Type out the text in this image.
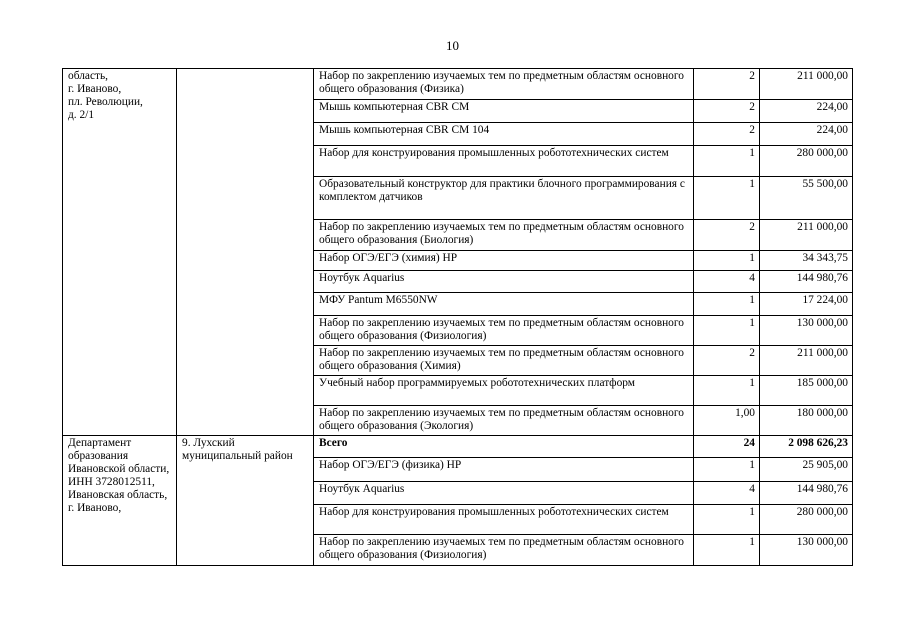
10
область,
г. Иваново,
пл. Революции,
д. 2/1		Набор по закреплению изучаемых тем по предметным областям основного общего образования (Физика)	2	211 000,00
		Мышь компьютерная CBR CM	2	224,00
		Мышь компьютерная CBR CM 104	2	224,00
		Набор для конструирования промышленных робототехнических систем	1	280 000,00
		Образовательный конструктор для практики блочного программирования с комплектом датчиков	1	55 500,00
		Набор по закреплению изучаемых тем по предметным областям основного общего образования (Биология)	2	211 000,00
		Набор ОГЭ/ЕГЭ (химия) НР	1	34 343,75
		Ноутбук Aquarius	4	144 980,76
		МФУ Pantum M6550NW	1	17 224,00
		Набор по закреплению изучаемых тем по предметным областям основного общего образования (Физиология)	1	130 000,00
		Набор по закреплению изучаемых тем по предметным областям основного общего образования (Химия)	2	211 000,00
		Учебный набор программируемых робототехнических платформ	1	185 000,00
		Набор по закреплению изучаемых тем по предметным областям основного общего образования (Экология)	1,00	180 000,00
Департамент образования Ивановской области,
ИНН 3728012511,
Ивановская область,
г. Иваново,	9. Лухский муниципальный район	Всего	24	2 098 626,23
		Набор ОГЭ/ЕГЭ (физика) НР	1	25 905,00
		Ноутбук Aquarius	4	144 980,76
		Набор для конструирования промышленных робототехнических систем	1	280 000,00
		Набор по закреплению изучаемых тем по предметным областям основного общего образования (Физиология)	1	130 000,00
